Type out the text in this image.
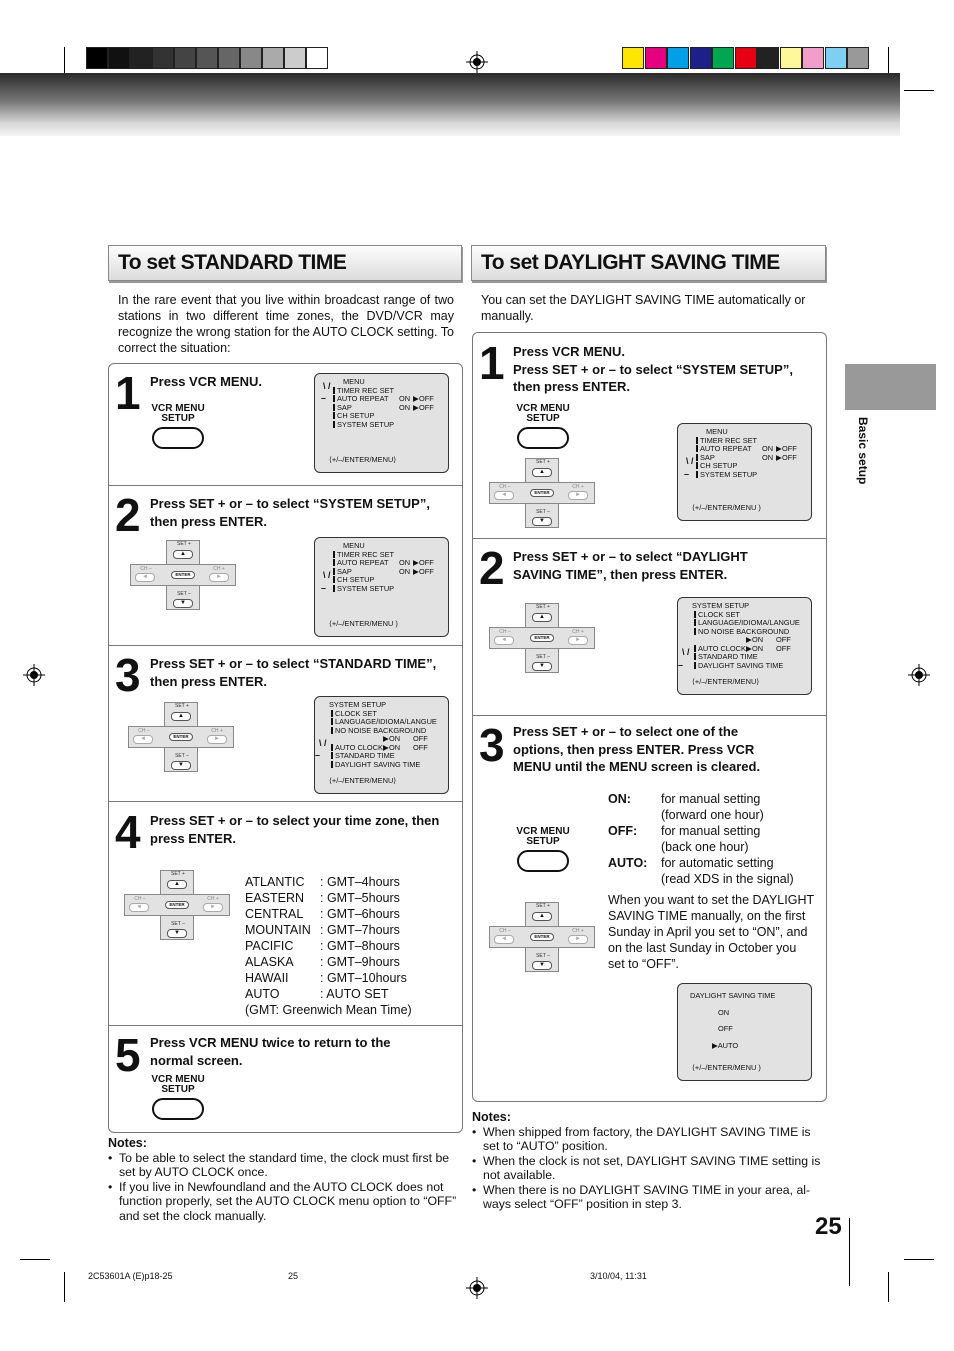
Basic setup
To set STANDARD TIME
In the rare event that you live within broadcast range of two stations in two different time zones, the DVD/VCR may recognize the wrong station for the AUTO CLOCK setting. To correct the situation:
1 Press VCR MENU.
VCR MENU
SETUP
MENU
\ / TIMER REC SET
– AUTO REPEAT ON ▶ OFF
SAP	ON ▶ OFF
CH SETUP
SYSTEM SETUP
⟨+/–/ENTER/MENU⟩
2 Press SET + or – to select “SYSTEM SETUP”, then press ENTER.
SET +
▲
SET –
▼
CH –
◄
CH +
►
ENTER
MENU
TIMER REC SET
AUTO REPEAT ON ▶ OFF
SAP	ON ▶ OFF
\ / CH SETUP
– SYSTEM SETUP
⟨+/–/ENTER/MENU )
3 Press SET + or – to select “STANDARD TIME”, then press ENTER.
SET +
▲
SET –
▼
CH –
◄
CH +
►
ENTER
SYSTEM SETUP
CLOCK SET
LANGUAGE/IDIOMA/LANGUE
NO NOISE BACKGROUND
▶ ON OFF
\ / AUTO CLOCK ▶ ON OFF
– STANDARD TIME
DAYLIGHT SAVING TIME
⟨+/–/ENTER/MENU⟩
4 Press SET + or – to select your time zone, then press ENTER.
SET +
▲
SET –
▼
CH –
◄
CH +
►
ENTER
ATLANTIC : GMT–4hours
EASTERN : GMT–5hours
CENTRAL : GMT–6hours
MOUNTAIN : GMT–7hours
PACIFIC : GMT–8hours
ALASKA : GMT–9hours
HAWAII	: GMT–10hours
AUTO	: AUTO SET
(GMT: Greenwich Mean Time)
5 Press VCR MENU twice to return to the normal screen.
VCR MENU
SETUP
Notes:
• To be able to select the standard time, the clock must first be set by AUTO CLOCK once.
• If you live in Newfoundland and the AUTO CLOCK does not function properly, set the AUTO CLOCK menu option to “OFF” and set the clock manually.
To set DAYLIGHT SAVING TIME
You can set the DAYLIGHT SAVING TIME automatically or manually.
1 Press VCR MENU.
Press SET + or – to select “SYSTEM SETUP”, then press ENTER.
VCR MENU
SETUP
SET +
▲
SET –
▼
CH –
◄
CH +
►
ENTER
MENU
TIMER REC SET
AUTO REPEAT ON ▶ OFF
SAP	ON ▶ OFF
\ / CH SETUP
– SYSTEM SETUP
⟨+/–/ENTER/MENU )
2 Press SET + or – to select “DAYLIGHT SAVING TIME”, then press ENTER.
SET +
▲
SET –
▼
CH –
◄
CH +
►
ENTER
SYSTEM SETUP
CLOCK SET
LANGUAGE/IDIOMA/LANGUE
NO NOISE BACKGROUND
▶ ON OFF
AUTO CLOCK ▶ ON OFF
\ / STANDARD TIME
– DAYLIGHT SAVING TIME
⟨+/–/ENTER/MENU⟩
3 Press SET + or – to select one of the options, then press ENTER. Press VCR MENU until the MENU screen is cleared.
VCR MENU
SETUP
SET +
▲
SET –
▼
CH –
◄
CH +
►
ENTER
ON: for manual setting
(forward one hour)
OFF: for manual setting
(back one hour)
AUTO: for automatic setting
(read XDS in the signal)
When you want to set the DAYLIGHT SAVING TIME manually, on the first Sunday in April you set to “ON”, and on the last Sunday in October you set to “OFF”.
DAYLIGHT SAVING TIME
ON
OFF
▶AUTO
⟨+/–/ENTER/MENU )
Notes:
• When shipped from factory, the DAYLIGHT SAVING TIME is set to “AUTO” position.
• When the clock is not set, DAYLIGHT SAVING TIME setting is not available.
• When there is no DAYLIGHT SAVING TIME in your area, al-ways select “OFF” position in step 3.
25
2C53601A (E)p18-25	25	3/10/04, 11:31
